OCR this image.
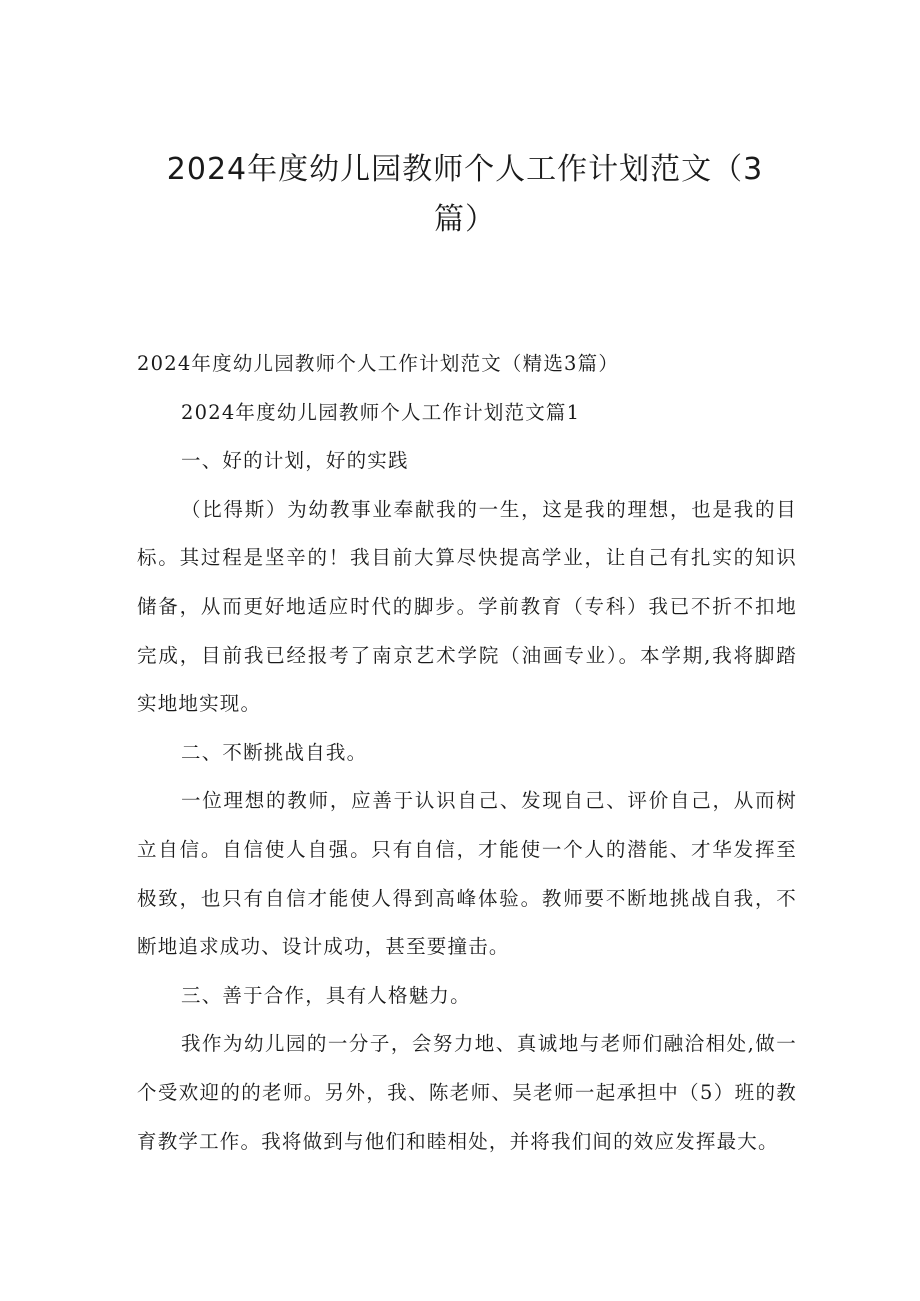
2024年度幼儿园教师个人工作计划范文（3篇）

2024年度幼儿园教师个人工作计划范文（精选3篇）

2024年度幼儿园教师个人工作计划范文篇1

一、好的计划，好的实践

（比得斯）为幼教事业奉献我的一生，这是我的理想，也是我的目标。其过程是坚辛的！我目前大算尽快提高学业，让自己有扎实的知识储备，从而更好地适应时代的脚步。学前教育（专科）我已不折不扣地完成，目前我已经报考了南京艺术学院（油画专业）。本学期,我将脚踏实地地实现。

二、不断挑战自我。

一位理想的教师，应善于认识自己、发现自己、评价自己，从而树立自信。自信使人自强。只有自信，才能使一个人的潜能、才华发挥至极致，也只有自信才能使人得到高峰体验。教师要不断地挑战自我，不断地追求成功、设计成功，甚至要撞击。

三、善于合作，具有人格魅力。

我作为幼儿园的一分子，会努力地、真诚地与老师们融洽相处,做一个受欢迎的的老师。另外，我、陈老师、吴老师一起承担中（5）班的教育教学工作。我将做到与他们和睦相处，并将我们间的效应发挥最大。
